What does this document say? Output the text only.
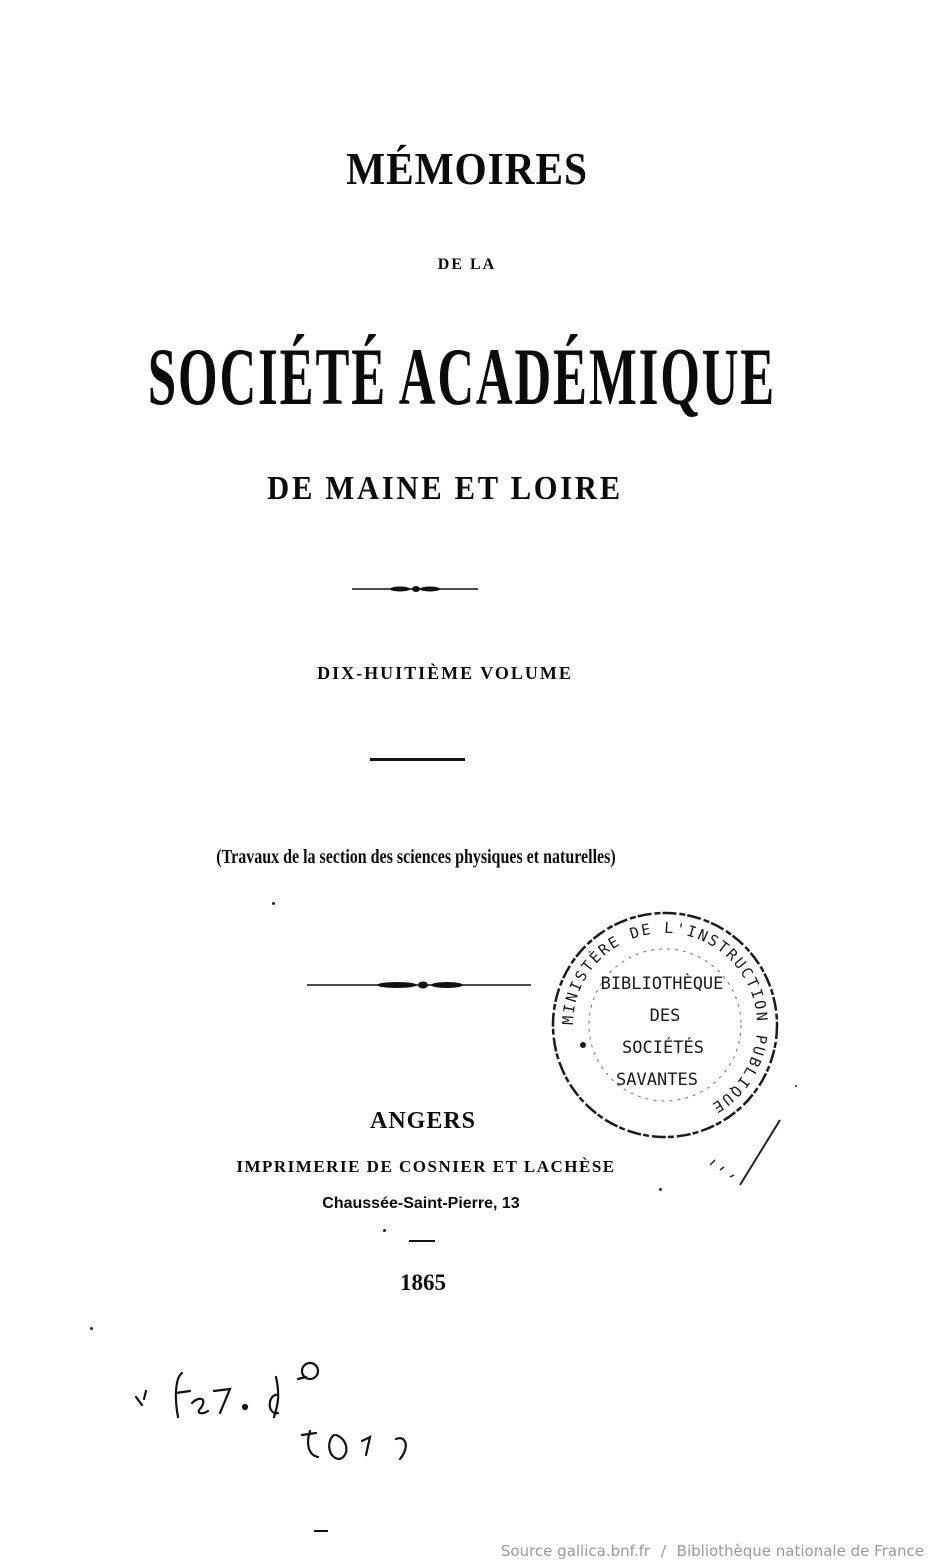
MÉMOIRES
DE LA
SOCIÉTÉ ACADÉMIQUE
DE MAINE ET LOIRE
DIX-HUITIÈME VOLUME
(Travaux de la section des sciences physiques et naturelles)
MINISTÈRE DE L'INSTRUCTION PUBLIQUE
BIBLIOTHÈQUE
DES
SOCIÉTÉS
SAVANTES
ANGERS
IMPRIMERIE DE COSNIER ET LACHÈSE
Chaussée-Saint-Pierre, 13
1865
4° Fe 7. 8° 1022
Source gallica.bnf.fr / Bibliothèque nationale de France
